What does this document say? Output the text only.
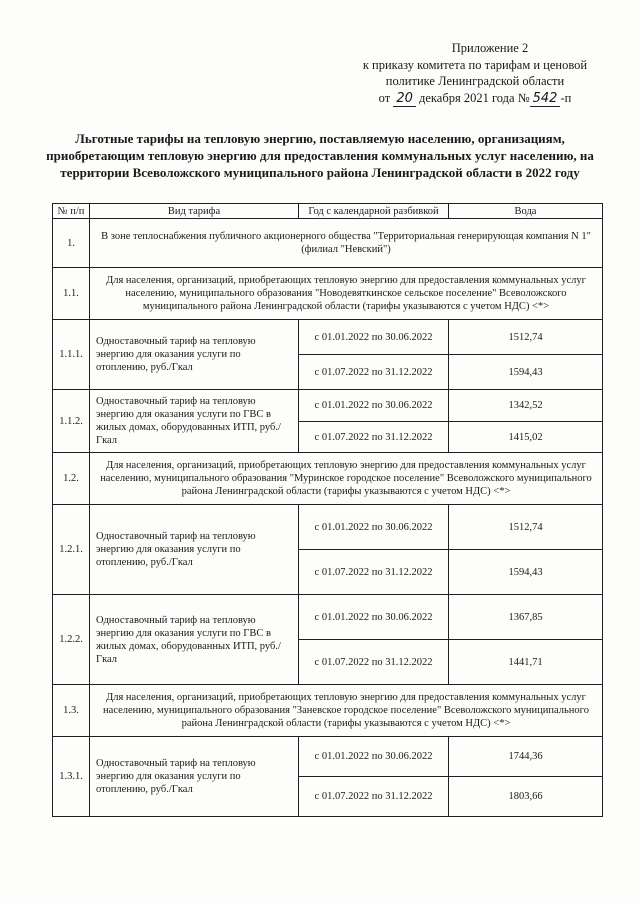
Приложение 2
к приказу комитета по тарифам и ценовой
политике Ленинградской области
от 20 декабря 2021 года № 542 -п
Льготные тарифы на тепловую энергию, поставляемую населению, организациям, приобретающим тепловую энергию для предоставления коммунальных услуг населению, на территории Всеволожского муниципального района Ленинградской области в 2022 году
№ п/п	Вид тарифа	Год с календарной разбивкой	Вода
1.	В зоне теплоснабжения публичного акционерного общества "Территориальная генерирующая компания N 1" (филиал "Невский")		
1.1.	Для населения, организаций, приобретающих тепловую энергию для предоставления коммунальных услуг населению, муниципального образования "Новодевяткинское сельское поселение" Всеволожского муниципального района Ленинградской области (тарифы указываются с учетом НДС) <*>		
1.1.1.	Одноставочный тариф на тепловую энергию для оказания услуги по отоплению, руб./Гкал	с 01.01.2022 по 30.06.2022	1512,74
		с 01.07.2022 по 31.12.2022	1594,43
1.1.2.	Одноставочный тариф на тепловую энергию для оказания услуги по ГВС в жилых домах, оборудованных ИТП, руб./Гкал	с 01.01.2022 по 30.06.2022	1342,52
		с 01.07.2022 по 31.12.2022	1415,02
1.2.	Для населения, организаций, приобретающих тепловую энергию для предоставления коммунальных услуг населению, муниципального образования "Муринское городское поселение" Всеволожского муниципального района Ленинградской области (тарифы указываются с учетом НДС) <*>		
1.2.1.	Одноставочный тариф на тепловую энергию для оказания услуги по отоплению, руб./Гкал	с 01.01.2022 по 30.06.2022	1512,74
		с 01.07.2022 по 31.12.2022	1594,43
1.2.2.	Одноставочный тариф на тепловую энергию для оказания услуги по ГВС в жилых домах, оборудованных ИТП, руб./Гкал	с 01.01.2022 по 30.06.2022	1367,85
		с 01.07.2022 по 31.12.2022	1441,71
1.3.	Для населения, организаций, приобретающих тепловую энергию для предоставления коммунальных услуг населению, муниципального образования "Заневское городское поселение" Всеволожского муниципального района Ленинградской области (тарифы указываются с учетом НДС) <*>		
1.3.1.	Одноставочный тариф на тепловую энергию для оказания услуги по отоплению, руб./Гкал	с 01.01.2022 по 30.06.2022	1744,36
		с 01.07.2022 по 31.12.2022	1803,66
